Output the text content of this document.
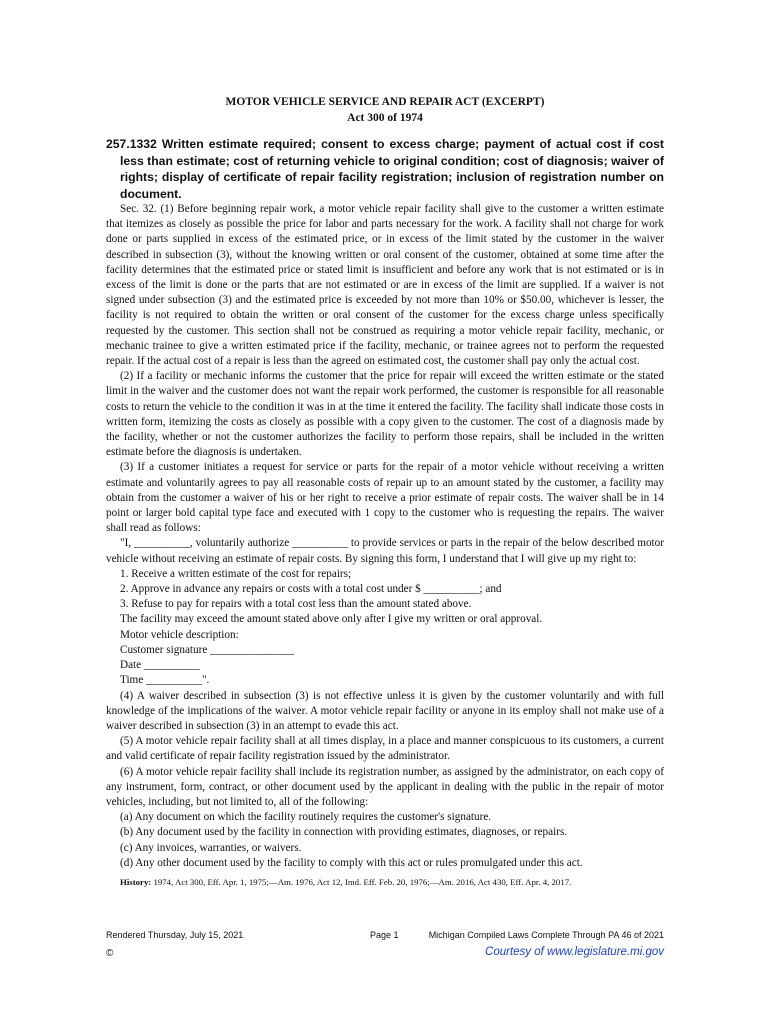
MOTOR VEHICLE SERVICE AND REPAIR ACT (EXCERPT)
Act 300 of 1974
257.1332 Written estimate required; consent to excess charge; payment of actual cost if cost less than estimate; cost of returning vehicle to original condition; cost of diagnosis; waiver of rights; display of certificate of repair facility registration; inclusion of registration number on document.

Sec. 32. (1) Before beginning repair work, a motor vehicle repair facility shall give to the customer a written estimate that itemizes as closely as possible the price for labor and parts necessary for the work. A facility shall not charge for work done or parts supplied in excess of the estimated price, or in excess of the limit stated by the customer in the waiver described in subsection (3), without the knowing written or oral consent of the customer, obtained at some time after the facility determines that the estimated price or stated limit is insufficient and before any work that is not estimated or is in excess of the limit is done or the parts that are not estimated or are in excess of the limit are supplied. If a waiver is not signed under subsection (3) and the estimated price is exceeded by not more than 10% or $50.00, whichever is lesser, the facility is not required to obtain the written or oral consent of the customer for the excess charge unless specifically requested by the customer. This section shall not be construed as requiring a motor vehicle repair facility, mechanic, or mechanic trainee to give a written estimated price if the facility, mechanic, or trainee agrees not to perform the requested repair. If the actual cost of a repair is less than the agreed on estimated cost, the customer shall pay only the actual cost.

(2) If a facility or mechanic informs the customer that the price for repair will exceed the written estimate or the stated limit in the waiver and the customer does not want the repair work performed, the customer is responsible for all reasonable costs to return the vehicle to the condition it was in at the time it entered the facility. The facility shall indicate those costs in written form, itemizing the costs as closely as possible with a copy given to the customer. The cost of a diagnosis made by the facility, whether or not the customer authorizes the facility to perform those repairs, shall be included in the written estimate before the diagnosis is undertaken.

(3) If a customer initiates a request for service or parts for the repair of a motor vehicle without receiving a written estimate and voluntarily agrees to pay all reasonable costs of repair up to an amount stated by the customer, a facility may obtain from the customer a waiver of his or her right to receive a prior estimate of repair costs. The waiver shall be in 14 point or larger bold capital type face and executed with 1 copy to the customer who is requesting the repairs. The waiver shall read as follows:

"I, __________, voluntarily authorize __________ to provide services or parts in the repair of the below described motor vehicle without receiving an estimate of repair costs. By signing this form, I understand that I will give up my right to:

1. Receive a written estimate of the cost for repairs;

2. Approve in advance any repairs or costs with a total cost under $ __________; and

3. Refuse to pay for repairs with a total cost less than the amount stated above.

The facility may exceed the amount stated above only after I give my written or oral approval.

Motor vehicle description:

Customer signature _______________

Date __________

Time __________".

(4) A waiver described in subsection (3) is not effective unless it is given by the customer voluntarily and with full knowledge of the implications of the waiver. A motor vehicle repair facility or anyone in its employ shall not make use of a waiver described in subsection (3) in an attempt to evade this act.

(5) A motor vehicle repair facility shall at all times display, in a place and manner conspicuous to its customers, a current and valid certificate of repair facility registration issued by the administrator.

(6) A motor vehicle repair facility shall include its registration number, as assigned by the administrator, on each copy of any instrument, form, contract, or other document used by the applicant in dealing with the public in the repair of motor vehicles, including, but not limited to, all of the following:

(a) Any document on which the facility routinely requires the customer's signature.

(b) Any document used by the facility in connection with providing estimates, diagnoses, or repairs.

(c) Any invoices, warranties, or waivers.

(d) Any other document used by the facility to comply with this act or rules promulgated under this act.

History: 1974, Act 300, Eff. Apr. 1, 1975;—Am. 1976, Act 12, Imd. Eff. Feb. 20, 1976;—Am. 2016, Act 430, Eff. Apr. 4, 2017.
Rendered Thursday, July 15, 2021	Page 1	Michigan Compiled Laws Complete Through PA 46 of 2021
©	Courtesy of www.legislature.mi.gov
